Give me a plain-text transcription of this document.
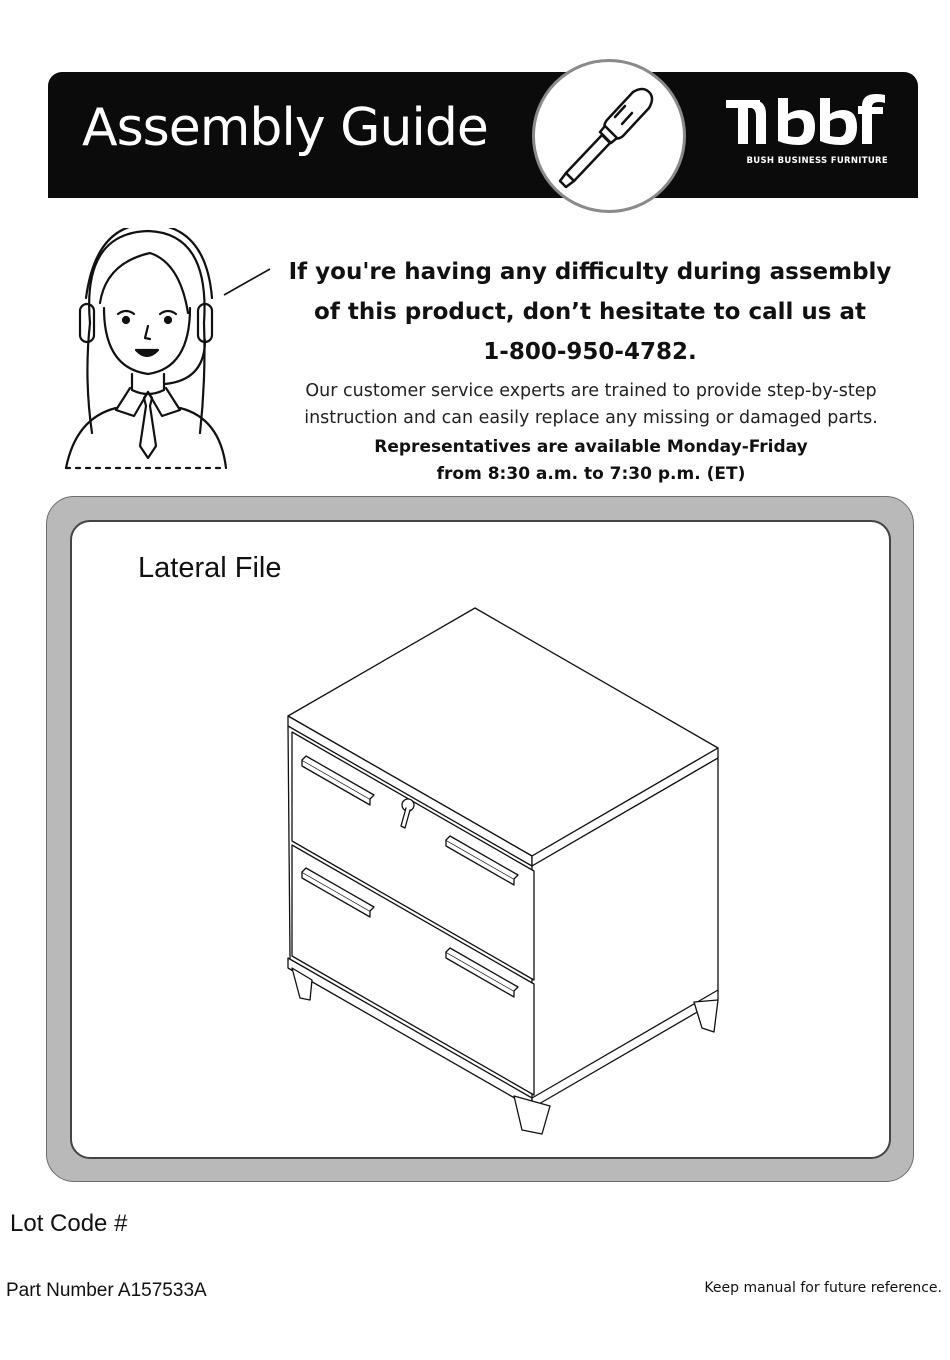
Assembly Guide
BUSH BUSINESS FURNITURE
If you're having any difficulty during assembly
of this product, don’t hesitate to call us at
1-800-950-4782.
Our customer service experts are trained to provide step-by-step
instruction and can easily replace any missing or damaged parts.
Representatives are available Monday-Friday
from 8:30 a.m. to 7:30 p.m. (ET)
Lateral File
Lot Code #
Part Number A157533A	Keep manual for future reference.
